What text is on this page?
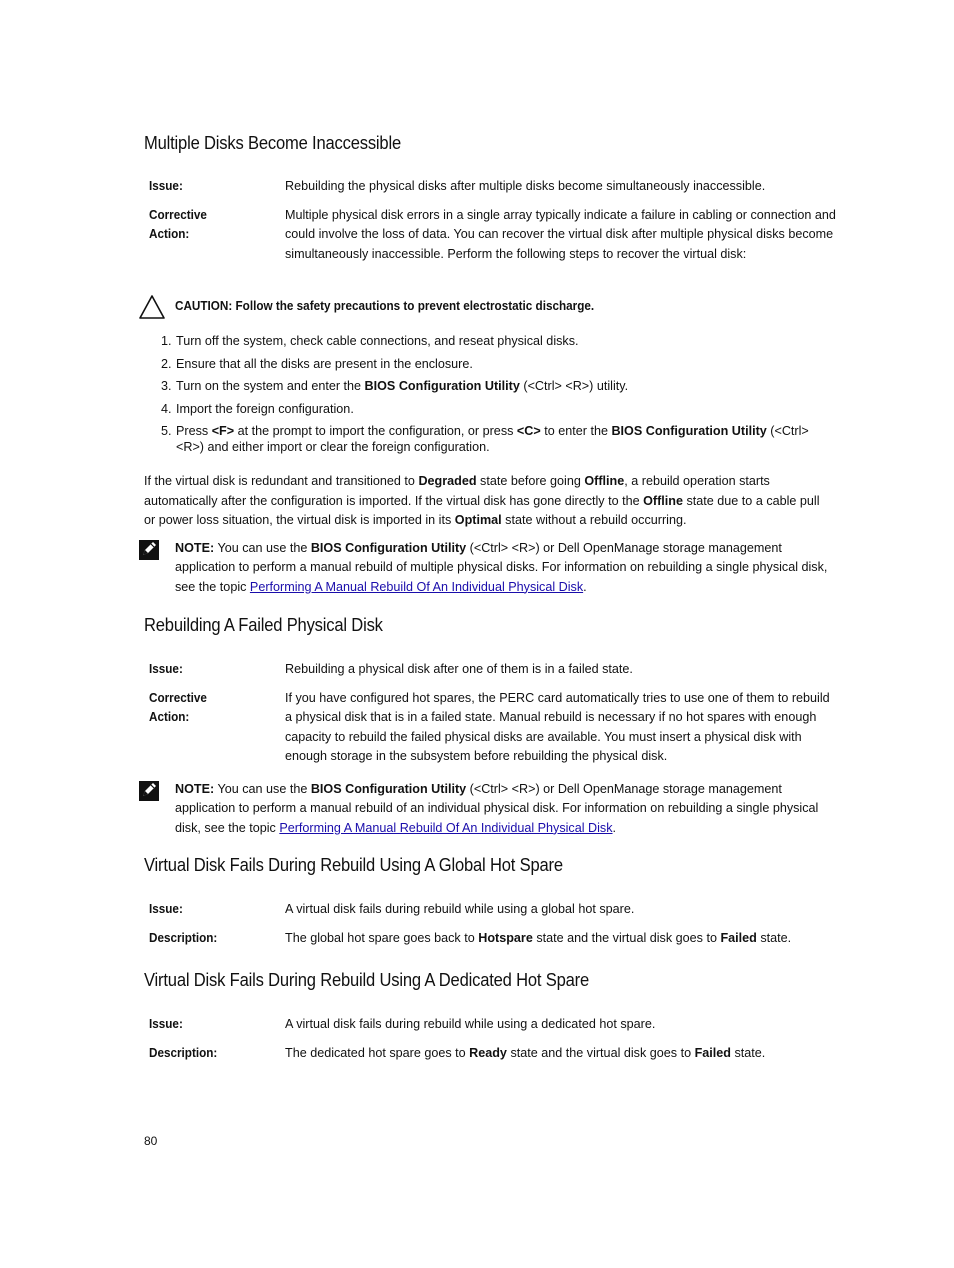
Multiple Disks Become Inaccessible
Issue:	Rebuilding the physical disks after multiple disks become simultaneously inaccessible.
Corrective Action:
Multiple physical disk errors in a single array typically indicate a failure in cabling or connection and could involve the loss of data. You can recover the virtual disk after multiple physical disks become simultaneously inaccessible. Perform the following steps to recover the virtual disk:
CAUTION: Follow the safety precautions to prevent electrostatic discharge.
1. Turn off the system, check cable connections, and reseat physical disks.
2. Ensure that all the disks are present in the enclosure.
3. Turn on the system and enter the BIOS Configuration Utility (<Ctrl> <R>) utility.
4. Import the foreign configuration.
5. Press <F> at the prompt to import the configuration, or press <C> to enter the BIOS Configuration Utility (<Ctrl> <R>) and either import or clear the foreign configuration.
If the virtual disk is redundant and transitioned to Degraded state before going Offline, a rebuild operation starts automatically after the configuration is imported. If the virtual disk has gone directly to the Offline state due to a cable pull or power loss situation, the virtual disk is imported in its Optimal state without a rebuild occurring.
NOTE: You can use the BIOS Configuration Utility (<Ctrl> <R>) or Dell OpenManage storage management application to perform a manual rebuild of multiple physical disks. For information on rebuilding a single physical disk, see the topic Performing A Manual Rebuild Of An Individual Physical Disk.
Rebuilding A Failed Physical Disk
Issue:	Rebuilding a physical disk after one of them is in a failed state.
Corrective Action:
If you have configured hot spares, the PERC card automatically tries to use one of them to rebuild a physical disk that is in a failed state. Manual rebuild is necessary if no hot spares with enough capacity to rebuild the failed physical disks are available. You must insert a physical disk with enough storage in the subsystem before rebuilding the physical disk.
NOTE: You can use the BIOS Configuration Utility (<Ctrl> <R>) or Dell OpenManage storage management application to perform a manual rebuild of an individual physical disk. For information on rebuilding a single physical disk, see the topic Performing A Manual Rebuild Of An Individual Physical Disk.
Virtual Disk Fails During Rebuild Using A Global Hot Spare
Issue:	A virtual disk fails during rebuild while using a global hot spare.
Description:	The global hot spare goes back to Hotspare state and the virtual disk goes to Failed state.
Virtual Disk Fails During Rebuild Using A Dedicated Hot Spare
Issue:	A virtual disk fails during rebuild while using a dedicated hot spare.
Description:	The dedicated hot spare goes to Ready state and the virtual disk goes to Failed state.
80
